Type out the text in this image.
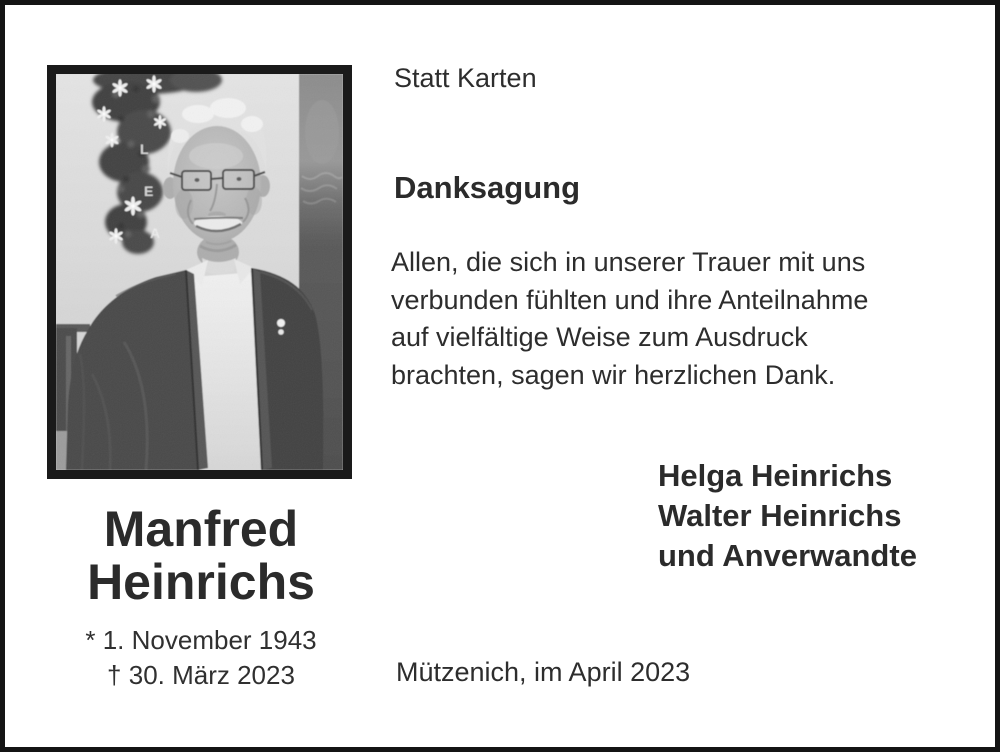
L
E
A
Manfred
Heinrichs
* 1. November 1943
† 30. März 2023
Statt Karten
Danksagung
Allen, die sich in unserer Trauer mit uns
verbunden fühlten und ihre Anteilnahme
auf vielfältige Weise zum Ausdruck
brachten, sagen wir herzlichen Dank.
Helga Heinrichs
Walter Heinrichs
und Anverwandte
Mützenich, im April 2023
